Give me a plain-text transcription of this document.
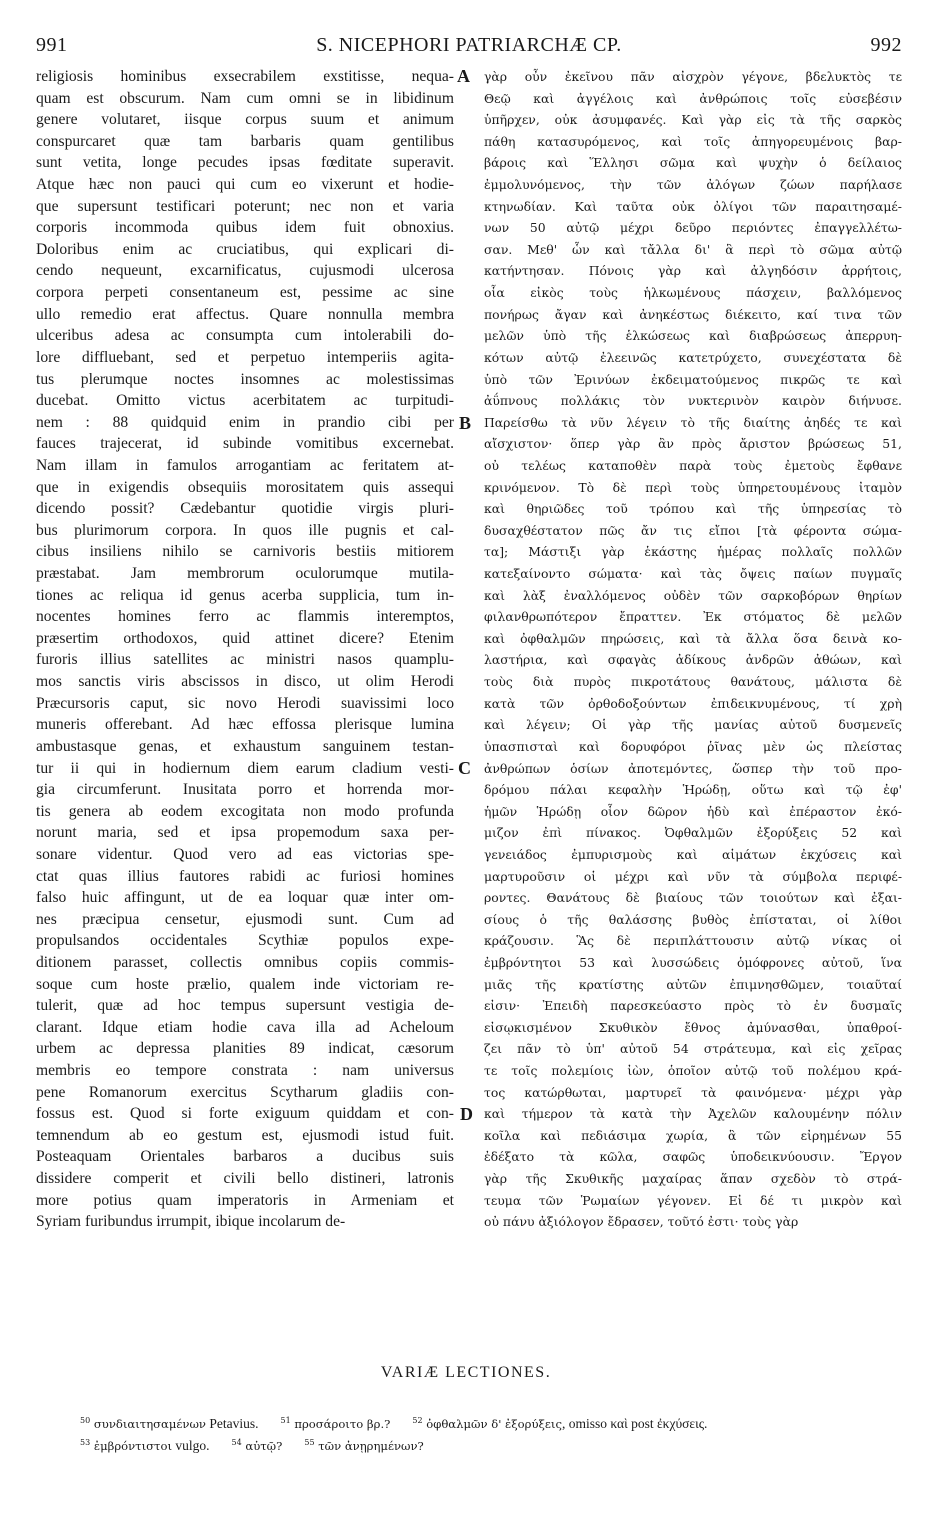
991	S. NICEPHORI PATRIARCHÆ CP.	992
religiosis hominibus exsecrabilem exstitisse, nequa-
quam est obscurum. Nam cum omni se in libidinum
genere volutaret, iisque corpus suum et animum
conspurcaret quæ tam barbaris quam gentilibus
sunt vetita, longe pecudes ipsas fœditate superavit.
Atque hæc non pauci qui cum eo vixerunt et hodie-
que supersunt testificari poterunt; nec non et varia
corporis incommoda quibus idem fuit obnoxius.
Doloribus enim ac cruciatibus, qui explicari di-
cendo nequeunt, excarnificatus, cujusmodi ulcerosa
corpora perpeti consentaneum est, pessime ac sine
ullo remedio erat affectus. Quare nonnulla membra
ulceribus adesa ac consumpta cum intolerabili do-
lore diffluebant, sed et perpetuo intemperiis agita-
tus plerumque noctes insomnes ac molestissimas
ducebat. Omitto victus acerbitatem ac turpitudi-
nem : 88 quidquid enim in prandio cibi per
fauces trajecerat, id subinde vomitibus excernebat.
Nam illam in famulos arrogantiam ac feritatem at-
que in exigendis obsequiis morositatem quis assequi
dicendo possit? Cædebantur quotidie virgis pluri-
bus plurimorum corpora. In quos ille pugnis et cal-
cibus insiliens nihilo se carnivoris bestiis mitiorem
præstabat. Jam membrorum oculorumque mutila-
tiones ac reliqua id genus acerba supplicia, tum in-
nocentes homines ferro ac flammis interemptos,
præsertim orthodoxos, quid attinet dicere? Etenim
furoris illius satellites ac ministri nasos quamplu-
mos sanctis viris abscissos in disco, ut olim Herodi
Præcursoris caput, sic novo Herodi suavissimi loco
muneris offerebant. Ad hæc effossa plerisque lumina
ambustasque genas, et exhaustum sanguinem testan-
tur ii qui in hodiernum diem earum cladium vesti-
gia circumferunt. Inusitata porro et horrenda mor-
tis genera ab eodem excogitata non modo profunda
norunt maria, sed et ipsa propemodum saxa per-
sonare videntur. Quod vero ad eas victorias spe-
ctat quas illius fautores rabidi ac furiosi homines
falso huic affingunt, ut de ea loquar quæ inter om-
nes præcipua censetur, ejusmodi sunt. Cum ad
propulsandos occidentales Scythiæ populos expe-
ditionem parasset, collectis omnibus copiis commis-
soque cum hoste prælio, qualem inde victoriam re-
tulerit, quæ ad hoc tempus supersunt vestigia de-
clarant. Idque etiam hodie cava illa ad Acheloum
urbem ac depressa planities 89 indicat, cæsorum
membris eo tempore constrata : nam universus
pene Romanorum exercitus Scytharum gladiis con-
fossus est. Quod si forte exiguum quiddam et con-
temnendum ab eo gestum est, ejusmodi istud fuit.
Posteaquam Orientales barbaros a ducibus suis
dissidere comperit et civili bello distineri, latronis
more potius quam imperatoris in Armeniam et
Syriam furibundus irrumpit, ibique incolarum de-
γὰρ οὖν ἐκεῖνου πᾶν αἰσχρὸν γέγονε, βδελυκτὸς τε
Θεῷ καὶ ἀγγέλοις καὶ ἀνθρώποις τοῖς εὐσεβέσιν
ὑπῆρχεν, οὐκ ἀσυμφανές. Καὶ γὰρ εἰς τὰ τῆς σαρκὸς
πάθη κατασυρόμενος, καὶ τοῖς ἀπηγορευμένοις βαρ-
βάροις καὶ Ἕλλησι σῶμα καὶ ψυχὴν ὁ δείλαιος
ἐμμολυνόμενος, τὴν τῶν ἀλόγων ζώων παρήλασε
κτηνωδίαν. Καὶ ταῦτα οὐκ ὀλίγοι τῶν παραιτησαμέ-
νων 50 αὐτῷ μέχρι δεῦρο περιόντες ἐπαγγελλέτω-
σαν. Μεθ' ὧν καὶ τἄλλα δι' ἃ περὶ τὸ σῶμα αὐτῷ
κατήντησαν. Πόνοις γὰρ καὶ ἀλγηδόσιν ἀρρήτοις,
οἷα εἰκὸς τοὺς ἡλκωμένους πάσχειν, βαλλόμενος
πονήρως ἄγαν καὶ ἀνηκέστως διέκειτο, καί τινα τῶν
μελῶν ὑπὸ τῆς ἑλκώσεως καὶ διαβρώσεως ἀπερρυη-
κότων αὐτῷ ἐλεεινῶς κατετρύχετο, συνεχέστατα δὲ
ὑπὸ τῶν Ἐρινύων ἐκδειματούμενος πικρῶς τε καὶ
ἀΰπνους πολλάκις τὸν νυκτερινὸν καιρὸν διήνυσε.
Παρείσθω τὰ νῦν λέγειν τὸ τῆς διαίτης ἀηδές τε καὶ
αἴσχιστον· ὅπερ γὰρ ἂν πρὸς ἄριστον βρώσεως 51,
οὐ τελέως καταποθὲν παρὰ τοὺς ἐμετοὺς ἔφθανε
κρινόμενον. Τὸ δὲ περὶ τοὺς ὑπηρετουμένους ἰταμὸν
καὶ θηριῶδες τοῦ τρόπου καὶ τῆς ὑπηρεσίας τὸ
δυσαχθέστατον πῶς ἄν τις εἴποι [τὰ φέροντα σώμα-
τα]; Μάστιξι γὰρ ἑκάστης ἡμέρας πολλαῖς πολλῶν
κατεξαίνοντο σώματα· καὶ τὰς ὄψεις παίων πυγμαῖς
καὶ λὰξ ἐναλλόμενος οὐδὲν τῶν σαρκοβόρων θηρίων
φιλανθρωπότερον ἔπραττεν. Ἐκ στόματος δὲ μελῶν
καὶ ὀφθαλμῶν πηρώσεις, καὶ τὰ ἄλλα ὅσα δεινὰ κο-
λαστήρια, καὶ σφαγὰς ἀδίκους ἀνδρῶν ἀθώων, καὶ
τοὺς διὰ πυρὸς πικροτάτους θανάτους, μάλιστα δὲ
κατὰ τῶν ὀρθοδοξούντων ἐπιδεικνυμένους, τί χρὴ
καὶ λέγειν; Οἱ γὰρ τῆς μανίας αὐτοῦ δυσμενεῖς
ὑπασπισταὶ καὶ δορυφόροι ῥῖνας μὲν ὡς πλείστας
ἀνθρώπων ὁσίων ἀποτεμόντες, ὥσπερ τὴν τοῦ προ-
δρόμου πάλαι κεφαλὴν Ἡρώδῃ, οὕτω καὶ τῷ ἐφ'
ἡμῶν Ἡρώδῃ οἷον δῶρον ἡδὺ καὶ ἐπέραστον ἐκό-
μιζον ἐπὶ πίνακος. Ὀφθαλμῶν ἐξορύξεις 52 καὶ
γενειάδος ἐμπυρισμοὺς καὶ αἱμάτων ἐκχύσεις καὶ
μαρτυροῦσιν οἱ μέχρι καὶ νῦν τὰ σύμβολα περιφέ-
ροντες. Θανάτους δὲ βιαίους τῶν τοιούτων καὶ ἐξαι-
σίους ὁ τῆς θαλάσσης βυθὸς ἐπίσταται, οἱ λίθοι
κράζουσιν. Ἃς δὲ περιπλάττουσιν αὐτῷ νίκας οἱ
ἐμβρόντητοι 53 καὶ λυσσώδεις ὁμόφρονες αὐτοῦ, ἵνα
μιᾶς τῆς κρατίστης αὐτῶν ἐπιμνησθῶμεν, τοιαῦταί
εἰσιν· Ἐπειδὴ παρεσκεύαστο πρὸς τὸ ἐν δυσμαῖς
εἰσῳκισμένον Σκυθικὸν ἔθνος ἀμύνασθαι, ὑπαθροί-
ζει πᾶν τὸ ὑπ' αὐτοῦ 54 στράτευμα, καὶ εἰς χεῖρας
τε τοῖς πολεμίοις ἰὼν, ὁποῖον αὐτῷ τοῦ πολέμου κρά-
τος κατώρθωται, μαρτυρεῖ τὰ φαινόμενα· μέχρι γὰρ
καὶ τήμερον τὰ κατὰ τὴν Ἀχελῶν καλουμένην πόλιν
κοῖλα καὶ πεδιάσιμα χωρία, ἃ τῶν εἰρημένων 55
ἐδέξατο τὰ κῶλα, σαφῶς ὑποδεικνύουσιν. Ἔργον
γὰρ τῆς Σκυθικῆς μαχαίρας ἅπαν σχεδὸν τὸ στρά-
τευμα τῶν Ῥωμαίων γέγονεν. Εἰ δέ τι μικρὸν καὶ
οὐ πάνυ ἀξιόλογον ἔδρασεν, τοῦτό ἐστι· τοὺς γὰρ
A
B
C
D
VARIÆ LECTIONES.
$^{50}$ συνδιαιτησαμένων Petavius.	$^{51}$ προσάροιτο βρ.?	$^{52}$ ὀφθαλμῶν δ' ἐξορύξεις, omisso καὶ post ἐκχύσεις.
$^{53}$ ἐμβρόντιστοι vulgo.	$^{54}$ αὐτῷ?	$^{55}$ τῶν ἀνῃρημένων?
